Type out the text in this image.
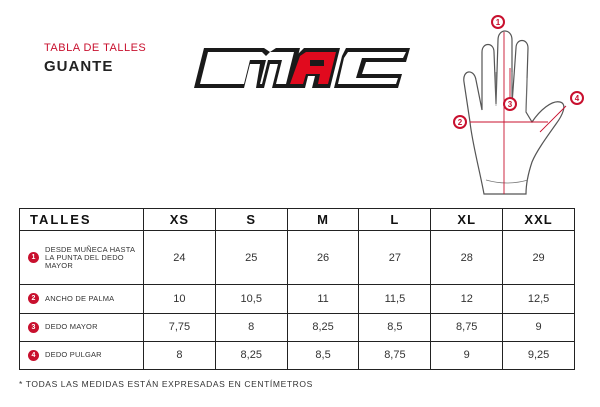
TABLA DE TALLES
GUANTE
1
2
3
4
TALLES	XS	S	M	L	XL	XXL

1
DESDE MUÑECA HASTA LA PUNTA DEL DEDO MAYOR	24	25	26	27	28	29

2 ANCHO DE PALMA	10	10,5	11	11,5	12	12,5

3 DEDO MAYOR	7,75	8	8,25	8,5	8,75	9

4 DEDO PULGAR	8	8,25	8,5	8,75	9	9,25
* TODAS LAS MEDIDAS ESTÁN EXPRESADAS EN CENTÍMETROS
